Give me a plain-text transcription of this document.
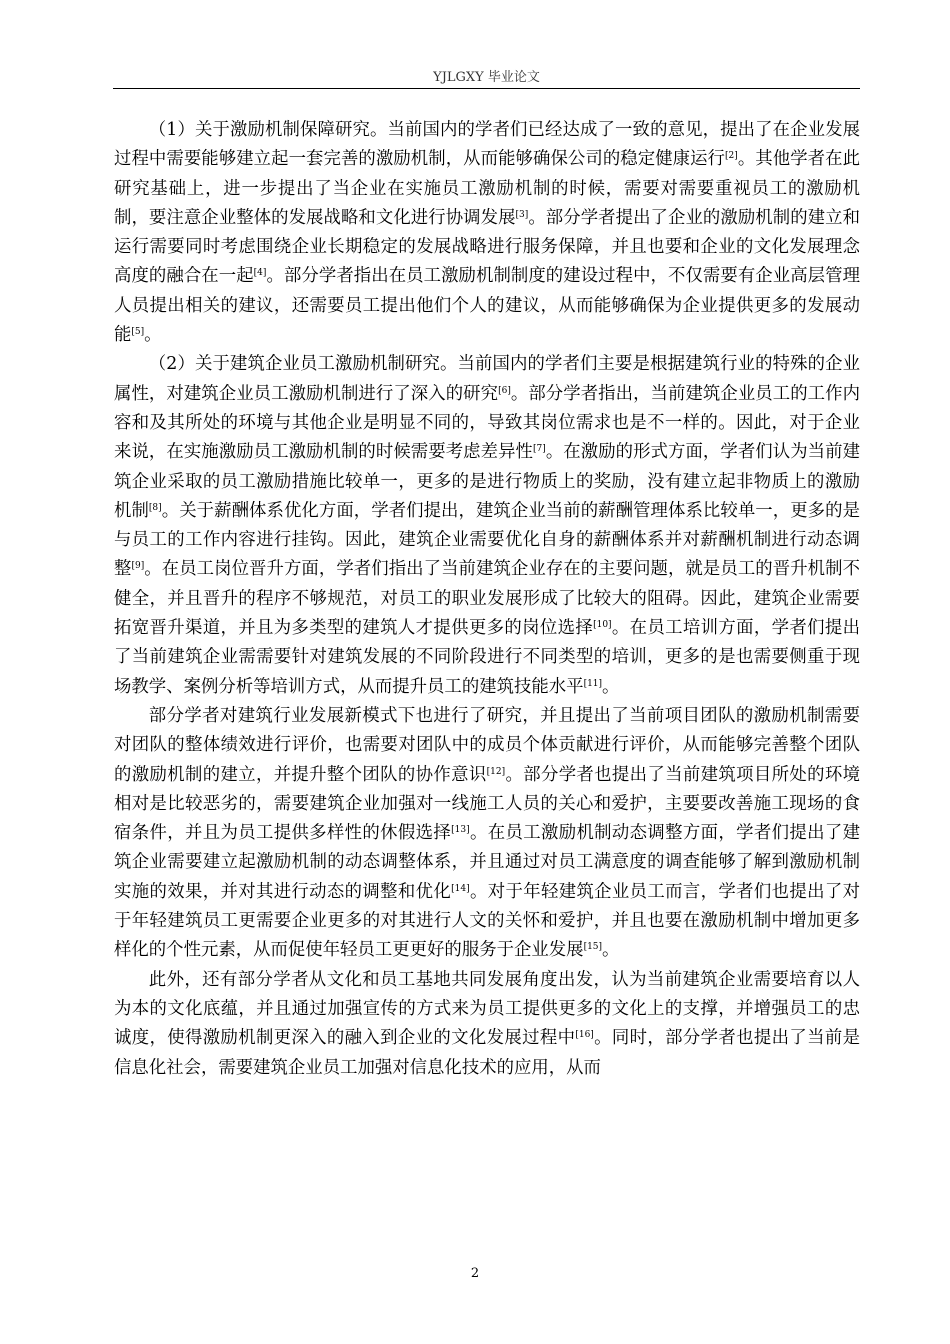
YJLGXY 毕业论文

（1）关于激励机制保障研究。当前国内的学者们已经达成了一致的意见，提出了在企业发展过程中需要能够建立起一套完善的激励机制，从而能够确保公司的稳定健康运行[2]。其他学者在此研究基础上，进一步提出了当企业在实施员工激励机制的时候，需要对需要重视员工的激励机制，要注意企业整体的发展战略和文化进行协调发展[3]。部分学者提出了企业的激励机制的建立和运行需要同时考虑围绕企业长期稳定的发展战略进行服务保障，并且也要和企业的文化发展理念高度的融合在一起[4]。部分学者指出在员工激励机制制度的建设过程中，不仅需要有企业高层管理人员提出相关的建议，还需要员工提出他们个人的建议，从而能够确保为企业提供更多的发展动能[5]。

（2）关于建筑企业员工激励机制研究。当前国内的学者们主要是根据建筑行业的特殊的企业属性，对建筑企业员工激励机制进行了深入的研究[6]。部分学者指出，当前建筑企业员工的工作内容和及其所处的环境与其他企业是明显不同的，导致其岗位需求也是不一样的。因此，对于企业来说，在实施激励员工激励机制的时候需要考虑差异性[7]。在激励的形式方面，学者们认为当前建筑企业采取的员工激励措施比较单一，更多的是进行物质上的奖励，没有建立起非物质上的激励机制[8]。关于薪酬体系优化方面，学者们提出，建筑企业当前的薪酬管理体系比较单一，更多的是与员工的工作内容进行挂钩。因此，建筑企业需要优化自身的薪酬体系并对薪酬机制进行动态调整[9]。在员工岗位晋升方面，学者们指出了当前建筑企业存在的主要问题，就是员工的晋升机制不健全，并且晋升的程序不够规范，对员工的职业发展形成了比较大的阻碍。因此，建筑企业需要拓宽晋升渠道，并且为多类型的建筑人才提供更多的岗位选择[10]。在员工培训方面，学者们提出了当前建筑企业需需要针对建筑发展的不同阶段进行不同类型的培训，更多的是也需要侧重于现场教学、案例分析等培训方式，从而提升员工的建筑技能水平[11]。

部分学者对建筑行业发展新模式下也进行了研究，并且提出了当前项目团队的激励机制需要对团队的整体绩效进行评价，也需要对团队中的成员个体贡献进行评价，从而能够完善整个团队的激励机制的建立，并提升整个团队的协作意识[12]。部分学者也提出了当前建筑项目所处的环境相对是比较恶劣的，需要建筑企业加强对一线施工人员的关心和爱护，主要要改善施工现场的食宿条件，并且为员工提供多样性的休假选择[13]。在员工激励机制动态调整方面，学者们提出了建筑企业需要建立起激励机制的动态调整体系，并且通过对员工满意度的调查能够了解到激励机制实施的效果，并对其进行动态的调整和优化[14]。对于年轻建筑企业员工而言，学者们也提出了对于年轻建筑员工更需要企业更多的对其进行人文的关怀和爱护，并且也要在激励机制中增加更多样化的个性元素，从而促使年轻员工更更好的服务于企业发展[15]。

此外，还有部分学者从文化和员工基地共同发展角度出发，认为当前建筑企业需要培育以人为本的文化底蕴，并且通过加强宣传的方式来为员工提供更多的文化上的支撑，并增强员工的忠诚度，使得激励机制更深入的融入到企业的文化发展过程中[16]。同时，部分学者也提出了当前是信息化社会，需要建筑企业员工加强对信息化技术的应用，从而

2
